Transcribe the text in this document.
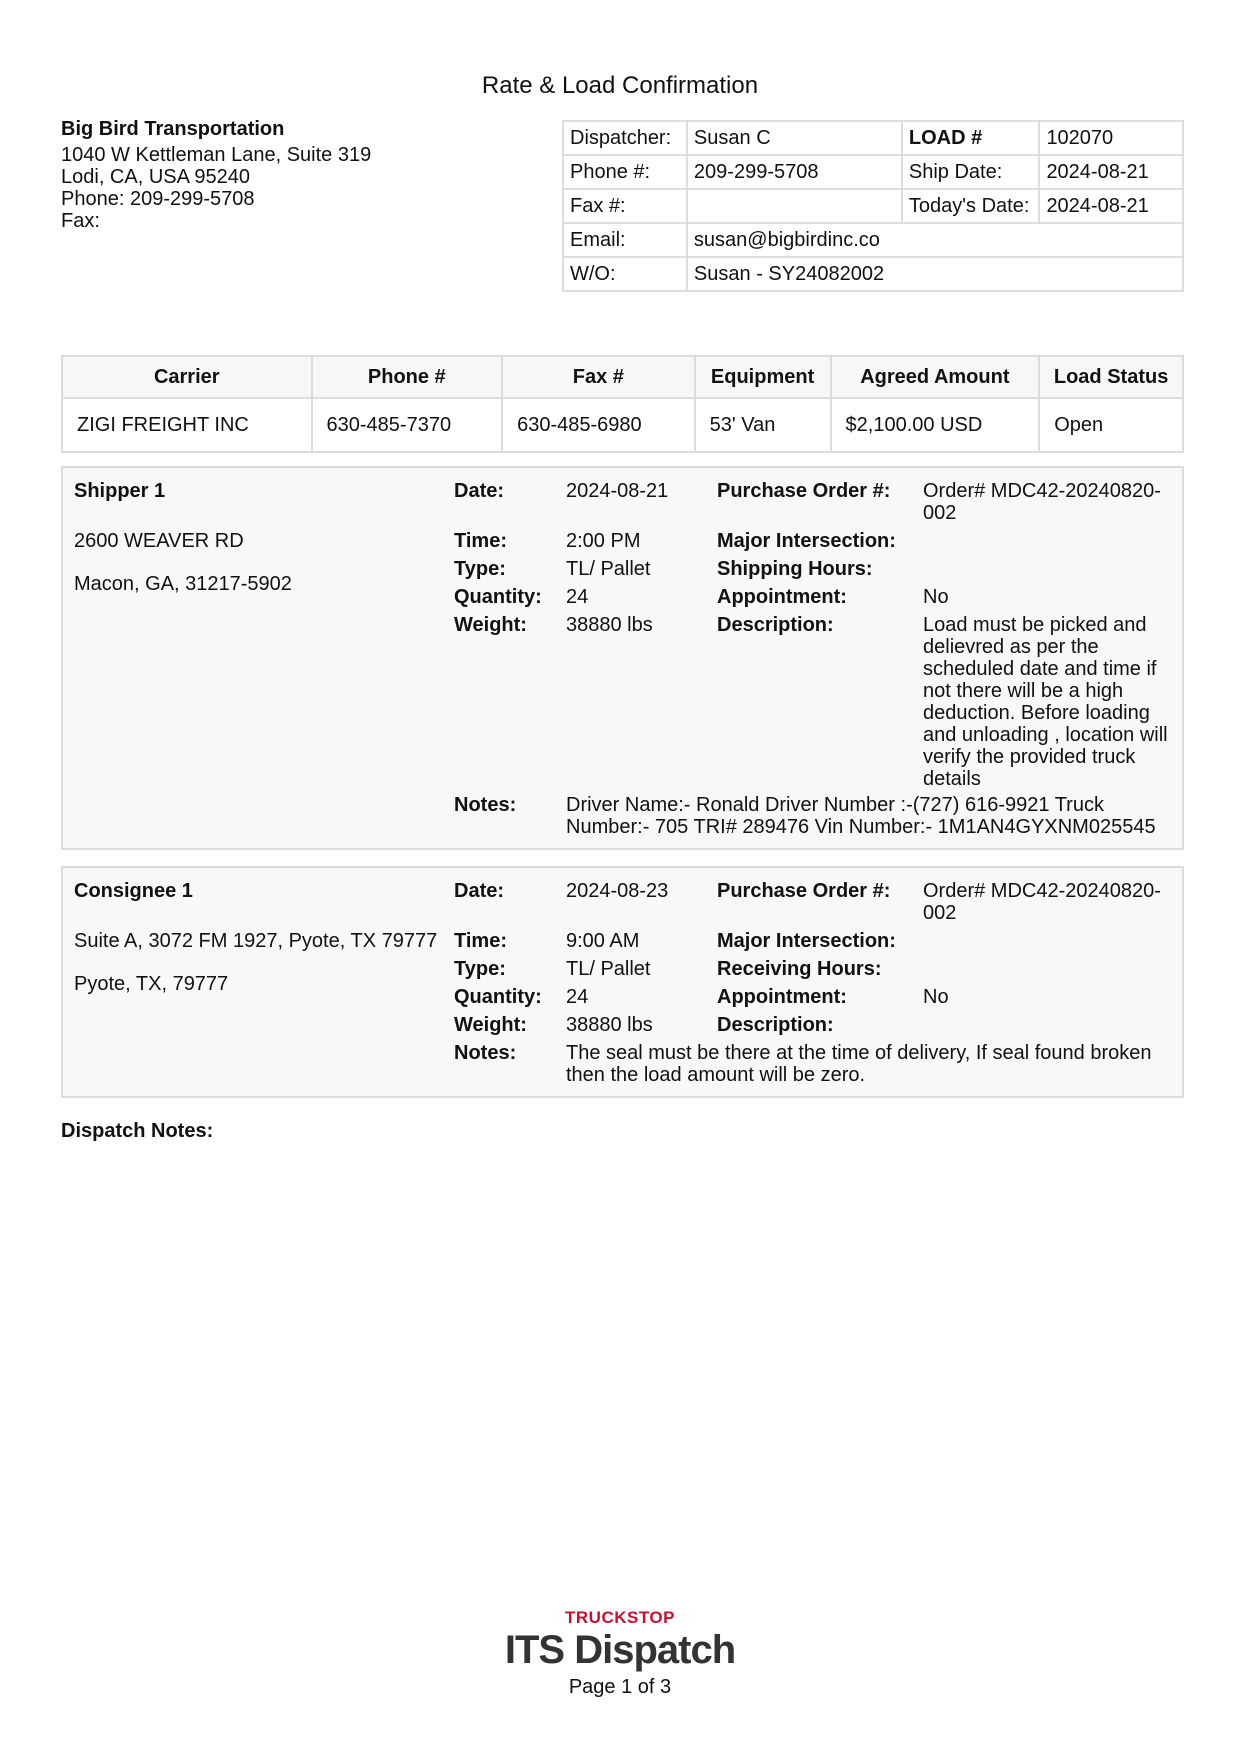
Rate & Load Confirmation
Big Bird Transportation
1040 W Kettleman Lane, Suite 319
Lodi, CA, USA 95240
Phone: 209-299-5708
Fax:
Dispatcher:	Susan C	LOAD #	102070
Phone #:	209-299-5708	Ship Date:	2024-08-21
Fax #:		Today's Date:	2024-08-21
Email:	susan@bigbirdinc.co		
W/O:	Susan - SY24082002		
Carrier	Phone #	Fax #	Equipment	Agreed Amount	Load Status
ZIGI FREIGHT INC	630-485-7370	630-485-6980	53' Van	$2,100.00 USD	Open
Shipper 1
2600 WEAVER RD
Macon, GA, 31217-5902
Date:	2024-08-21
Time:	2:00 PM
Type:	TL/ Pallet
Quantity: 24
Weight: 38880 lbs
Purchase Order #: Order# MDC42-20240820-002
Major Intersection:
Shipping Hours:
Appointment:	No
Description:	Load must be picked and delievred as per the scheduled date and time if not there will be a high deduction. Before loading and unloading , location will verify the provided truck details
Notes: Driver Name:- Ronald Driver Number :-(727) 616-9921 Truck Number:- 705 TRI# 289476 Vin Number:- 1M1AN4GYXNM025545
Consignee 1
Suite A, 3072 FM 1927, Pyote, TX 79777
Pyote, TX, 79777
Date:	2024-08-23
Time:	9:00 AM
Type:	TL/ Pallet
Quantity: 24
Weight: 38880 lbs
Notes: The seal must be there at the time of delivery, If seal found broken then the load amount will be zero.
Purchase Order #: Order# MDC42-20240820-002
Major Intersection:
Receiving Hours:
Appointment:	No
Description:
Dispatch Notes:
TRUCKSTOP
ITS Dispatch
Page 1 of 3
